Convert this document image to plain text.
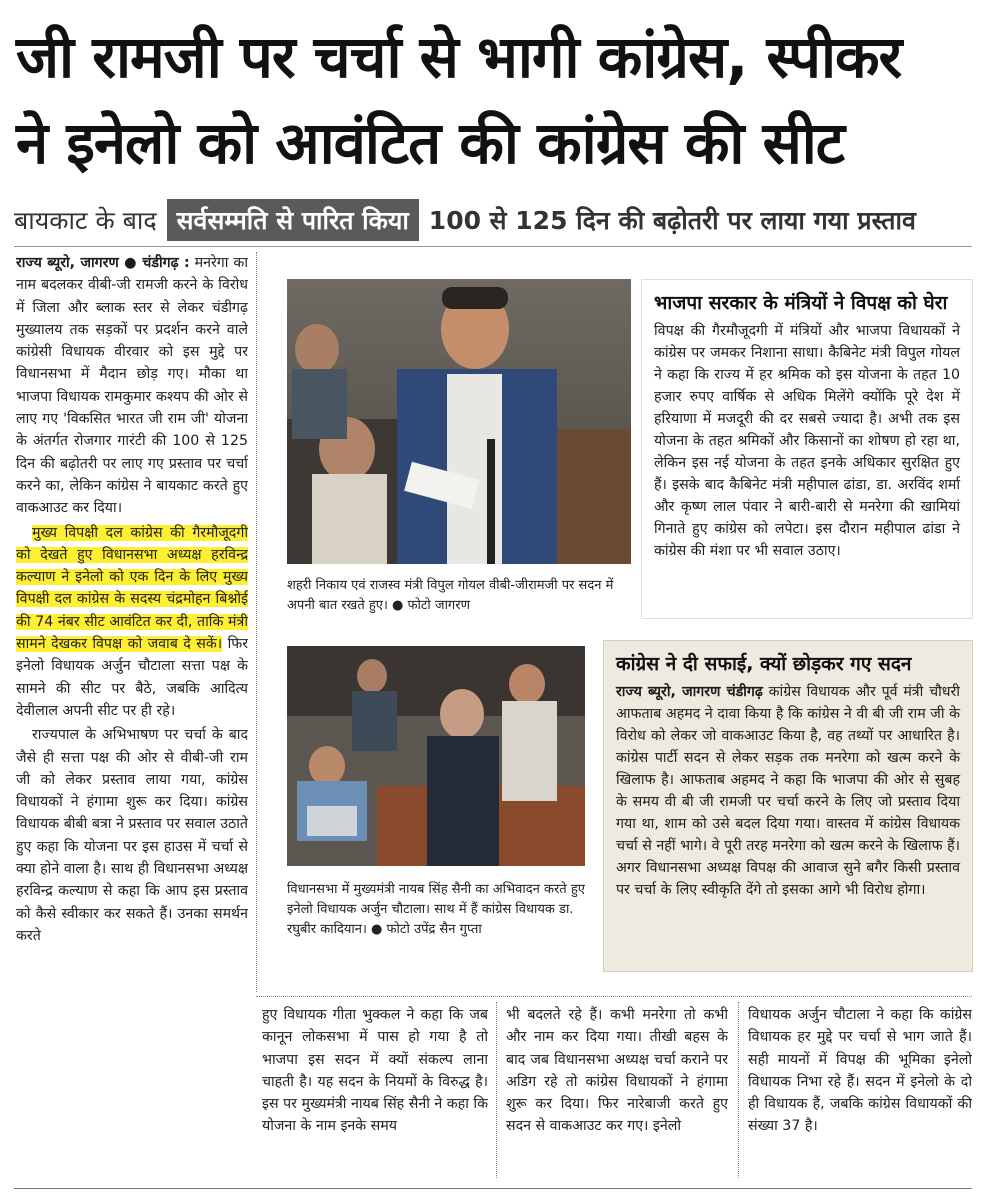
जी रामजी पर चर्चा से भागी कांग्रेस, स्पीकर
ने इनेलो को आवंटित की कांग्रेस की सीट
बायकाट के बाद सर्वसम्मति से पारित किया 100 से 125 दिन की बढ़ोतरी पर लाया गया प्रस्ताव

राज्य ब्यूरो, जागरण ● चंडीगढ़ : मनरेगा का नाम बदलकर वीबी-जी रामजी करने के विरोध में जिला और ब्लाक स्तर से लेकर चंडीगढ़ मुख्यालय तक सड़कों पर प्रदर्शन करने वाले कांग्रेसी विधायक वीरवार को इस मुद्दे पर विधानसभा में मैदान छोड़ गए। मौका था भाजपा विधायक रामकुमार कश्यप की ओर से लाए गए 'विकसित भारत जी राम जी' योजना के अंतर्गत रोजगार गारंटी की 100 से 125 दिन की बढ़ोतरी पर लाए गए प्रस्ताव पर चर्चा करने का, लेकिन कांग्रेस ने बायकाट करते हुए वाकआउट कर दिया।

मुख्य विपक्षी दल कांग्रेस की गैरमौजूदगी को देखते हुए विधानसभा अध्यक्ष हरविन्द्र कल्याण ने इनेलो को एक दिन के लिए मुख्य विपक्षी दल कांग्रेस के सदस्य चंद्रमोहन बिश्नोई की 74 नंबर सीट आवंटित कर दी, ताकि मंत्री सामने देखकर विपक्ष को जवाब दे सकें। फिर इनेलो विधायक अर्जुन चौटाला सत्ता पक्ष के सामने की सीट पर बैठे, जबकि आदित्य देवीलाल अपनी सीट पर ही रहे।

राज्यपाल के अभिभाषण पर चर्चा के बाद जैसे ही सत्ता पक्ष की ओर से वीबी-जी राम जी को लेकर प्रस्ताव लाया गया, कांग्रेस विधायकों ने हंगामा शुरू कर दिया। कांग्रेस विधायक बीबी बत्रा ने प्रस्ताव पर सवाल उठाते हुए कहा कि योजना पर इस हाउस में चर्चा से क्या होने वाला है। साथ ही विधानसभा अध्यक्ष हरविन्द्र कल्याण से कहा कि आप इस प्रस्ताव को कैसे स्वीकार कर सकते हैं। उनका समर्थन करते

शहरी निकाय एवं राजस्व मंत्री विपुल गोयल वीबी-जीरामजी पर सदन में अपनी बात रखते हुए। ● फोटो जागरण
भाजपा सरकार के मंत्रियों ने विपक्ष को घेरा
विपक्ष की गैरमौजूदगी में मंत्रियों और भाजपा विधायकों ने कांग्रेस पर जमकर निशाना साधा। कैबिनेट मंत्री विपुल गोयल ने कहा कि राज्य में हर श्रमिक को इस योजना के तहत 10 हजार रुपए वार्षिक से अधिक मिलेंगे क्योंकि पूरे देश में हरियाणा में मजदूरी की दर सबसे ज्यादा है। अभी तक इस योजना के तहत श्रमिकों और किसानों का शोषण हो रहा था, लेकिन इस नई योजना के तहत इनके अधिकार सुरक्षित हुए हैं। इसके बाद कैबिनेट मंत्री महीपाल ढांडा, डा. अरविंद शर्मा और कृष्ण लाल पंवार ने बारी-बारी से मनरेगा की खामियां गिनाते हुए कांग्रेस को लपेटा। इस दौरान महीपाल ढांडा ने कांग्रेस की मंशा पर भी सवाल उठाए।
विधानसभा में मुख्यमंत्री नायब सिंह सैनी का अभिवादन करते हुए इनेलो विधायक अर्जुन चौटाला। साथ में हैं कांग्रेस विधायक डा. रघुबीर कादियान। ● फोटो उपेंद्र सैन गुप्ता
कांग्रेस ने दी सफाई, क्यों छोड़कर गए सदन
राज्य ब्यूरो, जागरण चंडीगढ़ कांग्रेस विधायक और पूर्व मंत्री चौधरी आफताब अहमद ने दावा किया है कि कांग्रेस ने वी बी जी राम जी के विरोध को लेकर जो वाकआउट किया है, वह तथ्यों पर आधारित है। कांग्रेस पार्टी सदन से लेकर सड़क तक मनरेगा को खत्म करने के खिलाफ है। आफताब अहमद ने कहा कि भाजपा की ओर से सुबह के समय वी बी जी रामजी पर चर्चा करने के लिए जो प्रस्ताव दिया गया था, शाम को उसे बदल दिया गया। वास्तव में कांग्रेस विधायक चर्चा से नहीं भागे। वे पूरी तरह मनरेगा को खत्म करने के खिलाफ हैं। अगर विधानसभा अध्यक्ष विपक्ष की आवाज सुने बगैर किसी प्रस्ताव पर चर्चा के लिए स्वीकृति देंगे तो इसका आगे भी विरोध होगा।
हुए विधायक गीता भुक्कल ने कहा कि जब कानून लोकसभा में पास हो गया है तो भाजपा इस सदन में क्यों संकल्प लाना चाहती है। यह सदन के नियमों के विरुद्ध है। इस पर मुख्यमंत्री नायब सिंह सैनी ने कहा कि योजना के नाम इनके समय
भी बदलते रहे हैं। कभी मनरेगा तो कभी और नाम कर दिया गया। तीखी बहस के बाद जब विधानसभा अध्यक्ष चर्चा कराने पर अडिग रहे तो कांग्रेस विधायकों ने हंगामा शुरू कर दिया। फिर नारेबाजी करते हुए सदन से वाकआउट कर गए। इनेलो
विधायक अर्जुन चौटाला ने कहा कि कांग्रेस विधायक हर मुद्दे पर चर्चा से भाग जाते हैं। सही मायनों में विपक्ष की भूमिका इनेलो विधायक निभा रहे हैं। सदन में इनेलो के दो ही विधायक हैं, जबकि कांग्रेस विधायकों की संख्या 37 है।
